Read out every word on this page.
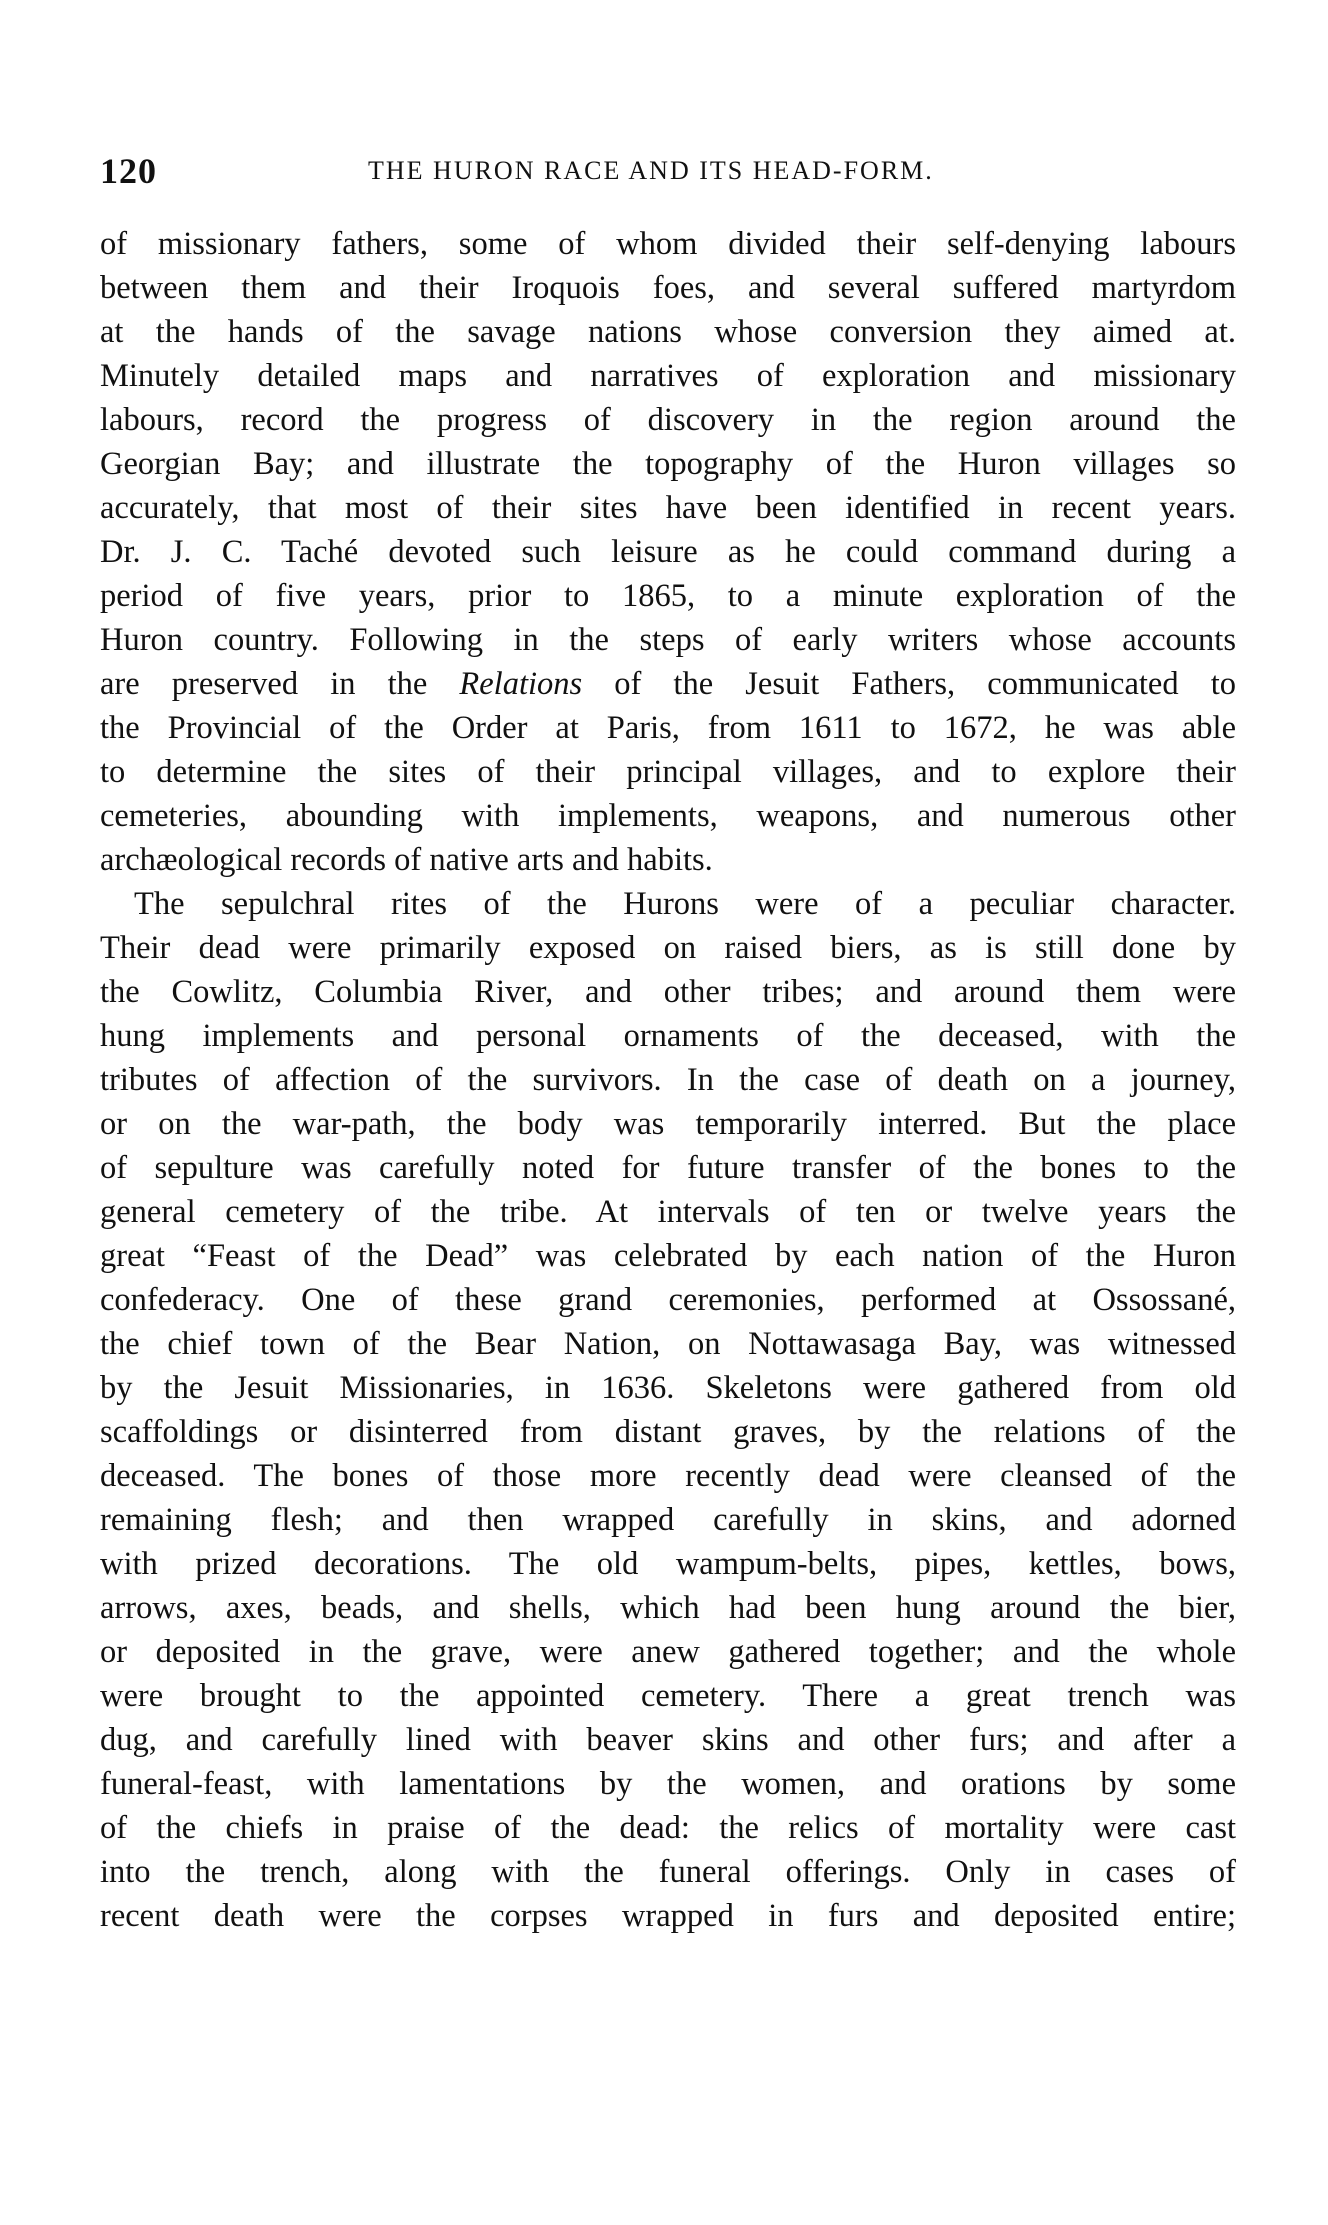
120	THE HURON RACE AND ITS HEAD-FORM.
of missionary fathers, some of whom divided their self-denying labours
between them and their Iroquois foes, and several suffered martyrdom
at the hands of the savage nations whose conversion they aimed at.
Minutely detailed maps and narratives of exploration and missionary
labours, record the progress of discovery in the region around the
Georgian Bay; and illustrate the topography of the Huron villages so
accurately, that most of their sites have been identified in recent years.
Dr. J. C. Taché devoted such leisure as he could command during a
period of five years, prior to 1865, to a minute exploration of the
Huron country. Following in the steps of early writers whose accounts
are preserved in the Relations of the Jesuit Fathers, communicated to
the Provincial of the Order at Paris, from 1611 to 1672, he was able
to determine the sites of their principal villages, and to explore their
cemeteries, abounding with implements, weapons, and numerous other
archæological records of native arts and habits.
The sepulchral rites of the Hurons were of a peculiar character.
Their dead were primarily exposed on raised biers, as is still done by
the Cowlitz, Columbia River, and other tribes; and around them were
hung implements and personal ornaments of the deceased, with the
tributes of affection of the survivors. In the case of death on a journey,
or on the war-path, the body was temporarily interred. But the place
of sepulture was carefully noted for future transfer of the bones to the
general cemetery of the tribe. At intervals of ten or twelve years the
great “Feast of the Dead” was celebrated by each nation of the Huron
confederacy. One of these grand ceremonies, performed at Ossossané,
the chief town of the Bear Nation, on Nottawasaga Bay, was witnessed
by the Jesuit Missionaries, in 1636. Skeletons were gathered from old
scaffoldings or disinterred from distant graves, by the relations of the
deceased. The bones of those more recently dead were cleansed of the
remaining flesh; and then wrapped carefully in skins, and adorned
with prized decorations. The old wampum-belts, pipes, kettles, bows,
arrows, axes, beads, and shells, which had been hung around the bier,
or deposited in the grave, were anew gathered together; and the whole
were brought to the appointed cemetery. There a great trench was
dug, and carefully lined with beaver skins and other furs; and after a
funeral-feast, with lamentations by the women, and orations by some
of the chiefs in praise of the dead: the relics of mortality were cast
into the trench, along with the funeral offerings. Only in cases of
recent death were the corpses wrapped in furs and deposited entire;
